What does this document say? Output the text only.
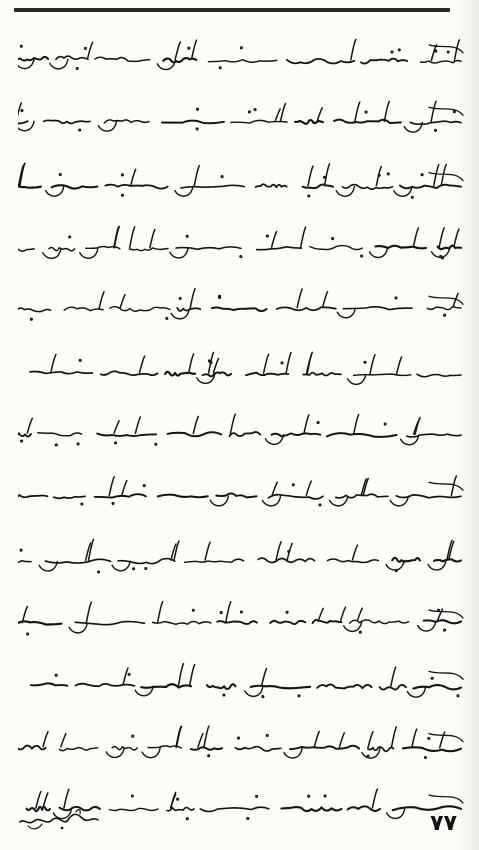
۷۷
